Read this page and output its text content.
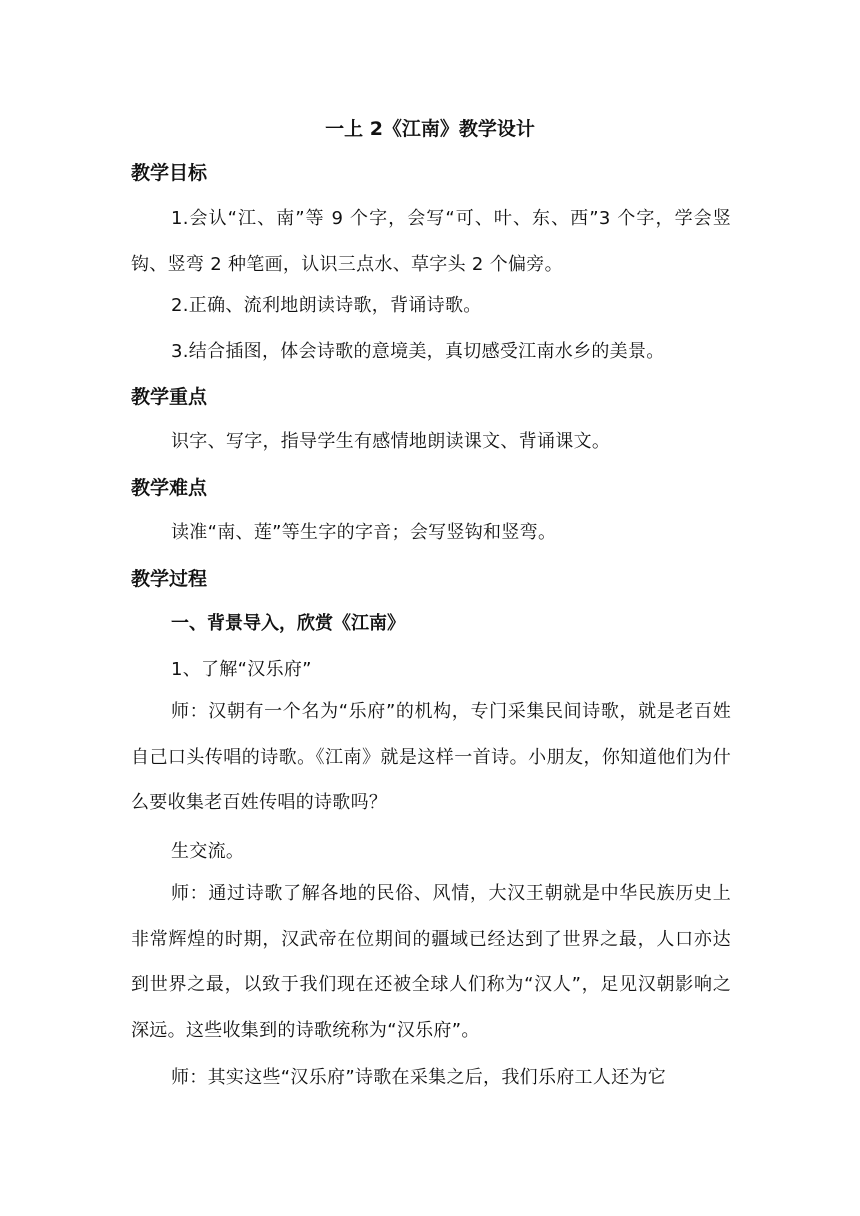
一上 2《江南》教学设计
教学目标
1.会认“江、南”等 9 个字，会写“可、叶、东、西”3 个字，学会竖钩、竖弯 2 种笔画，认识三点水、草字头 2 个偏旁。
2.正确、流利地朗读诗歌，背诵诗歌。
3.结合插图，体会诗歌的意境美，真切感受江南水乡的美景。
教学重点
识字、写字，指导学生有感情地朗读课文、背诵课文。
教学难点
读准“南、莲”等生字的字音；会写竖钩和竖弯。
教学过程
一、背景导入，欣赏《江南》
1、了解“汉乐府”
师：汉朝有一个名为“乐府”的机构，专门采集民间诗歌，就是老百姓自己口头传唱的诗歌。《江南》就是这样一首诗。小朋友，你知道他们为什么要收集老百姓传唱的诗歌吗？
生交流。
师：通过诗歌了解各地的民俗、风情，大汉王朝就是中华民族历史上非常辉煌的时期，汉武帝在位期间的疆域已经达到了世界之最，人口亦达到世界之最，以致于我们现在还被全球人们称为“汉人”，足见汉朝影响之深远。这些收集到的诗歌统称为“汉乐府”。
师：其实这些“汉乐府”诗歌在采集之后，我们乐府工人还为它
